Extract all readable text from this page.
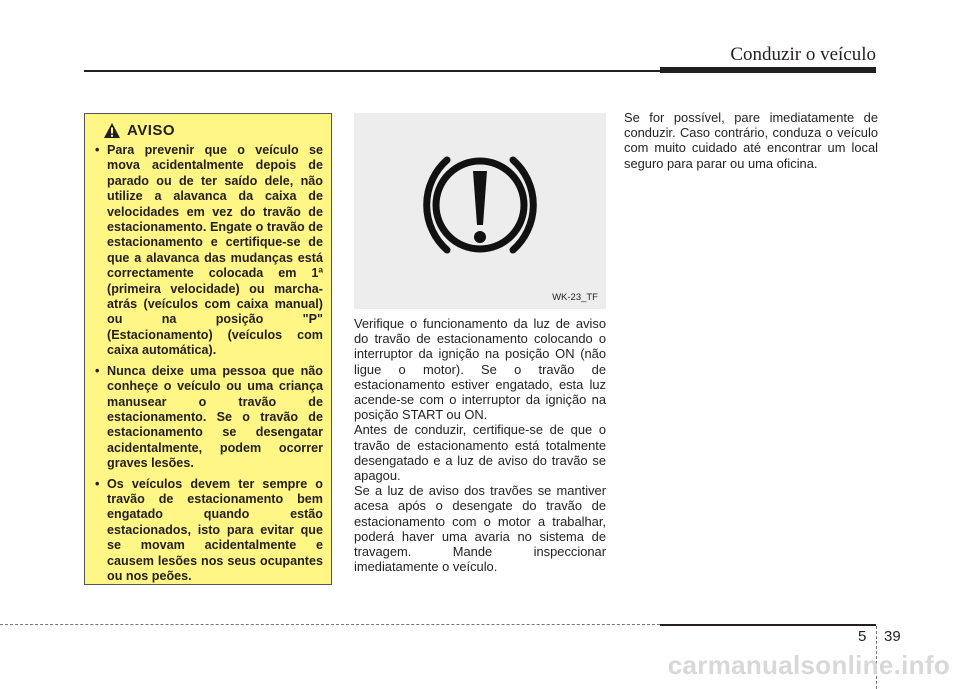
Conduzir o veículo
AVISO
• Para prevenir que o veículo se mova acidentalmente depois de parado ou de ter saído dele, não utilize a alavanca da caixa de velocidades em vez do travão de estacionamento. Engate o travão de estacionamento e certifique-se de que a alavanca das mudanças está correctamente colocada em 1ª (primeira velocidade) ou marcha-atrás (veículos com caixa manual) ou na posição "P" (Estacionamento) (veículos com caixa automática).
• Nunca deixe uma pessoa que não conheçe o veículo ou uma criança manusear o travão de estacionamento. Se o travão de estacionamento se desengatar acidentalmente, podem ocorrer graves lesões.
• Os veículos devem ter sempre o travão de estacionamento bem engatado quando estão estacionados, isto para evitar que se movam acidentalmente e causem lesões nos seus ocupantes ou nos peões.
WK-23_TF

Verifique o funcionamento da luz de aviso do travão de estacionamento colocando o interruptor da ignição na posição ON (não ligue o motor). Se o travão de estacionamento estiver engatado, esta luz acende-se com o interruptor da ignição na posição START ou ON.

Antes de conduzir, certifique-se de que o travão de estacionamento está totalmente desengatado e a luz de aviso do travão se apagou.

Se a luz de aviso dos travões se mantiver acesa após o desengate do travão de estacionamento com o motor a trabalhar, poderá haver uma avaria no sistema de travagem. Mande inspeccionar imediatamente o veículo.

Se for possível, pare imediatamente de conduzir. Caso contrário, conduza o veículo com muito cuidado até encontrar um local seguro para parar ou uma oficina.

5 39
carmanualsonline.info
